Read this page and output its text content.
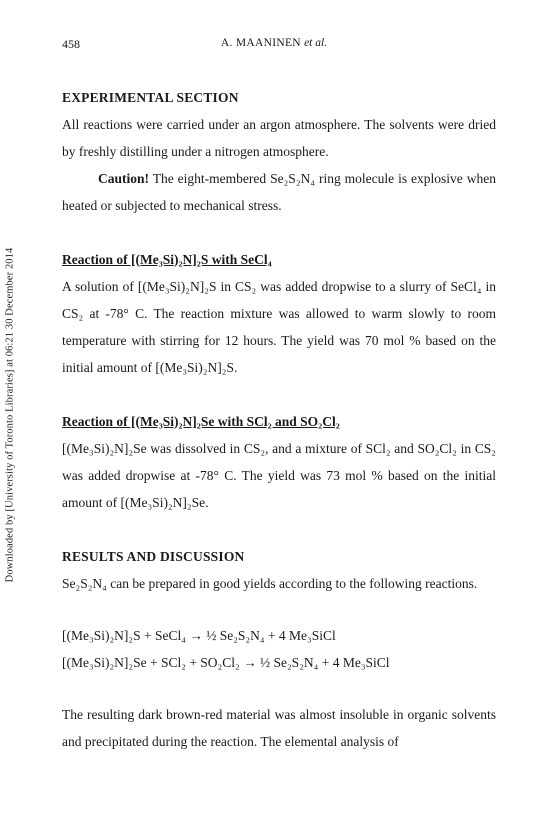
Downloaded by [University of Toronto Libraries] at 06:21 30 December 2014
458	A. MAANINEN et al.

EXPERIMENTAL SECTION

All reactions were carried under an argon atmosphere. The solvents were dried by freshly distilling under a nitrogen atmosphere.

Caution! The eight-membered Se₂S₂N₄ ring molecule is explosive when heated or subjected to mechanical stress.

Reaction of [(Me₃Si)₂N]₂S with SeCl₄

A solution of [(Me₃Si)₂N]₂S in CS₂ was added dropwise to a slurry of SeCl₄ in CS₂ at -78° C. The reaction mixture was allowed to warm slowly to room temperature with stirring for 12 hours. The yield was 70 mol % based on the initial amount of [(Me₃Si)₂N]₂S.

Reaction of [(Me₃Si)₂N]₂Se with SCl₂ and SO₂Cl₂

[(Me₃Si)₂N]₂Se was dissolved in CS₂, and a mixture of SCl₂ and SO₂Cl₂ in CS₂ was added dropwise at -78° C. The yield was 73 mol % based on the initial amount of [(Me₃Si)₂N]₂Se.

RESULTS AND DISCUSSION

Se₂S₂N₄ can be prepared in good yields according to the following reactions.

[(Me₃Si)₂N]₂S + SeCl₄ → ½ Se₂S₂N₄ + 4 Me₃SiCl

[(Me₃Si)₂N]₂Se + SCl₂ + SO₂Cl₂ → ½ Se₂S₂N₄ + 4 Me₃SiCl

The resulting dark brown-red material was almost insoluble in organic solvents and precipitated during the reaction. The elemental analysis of
